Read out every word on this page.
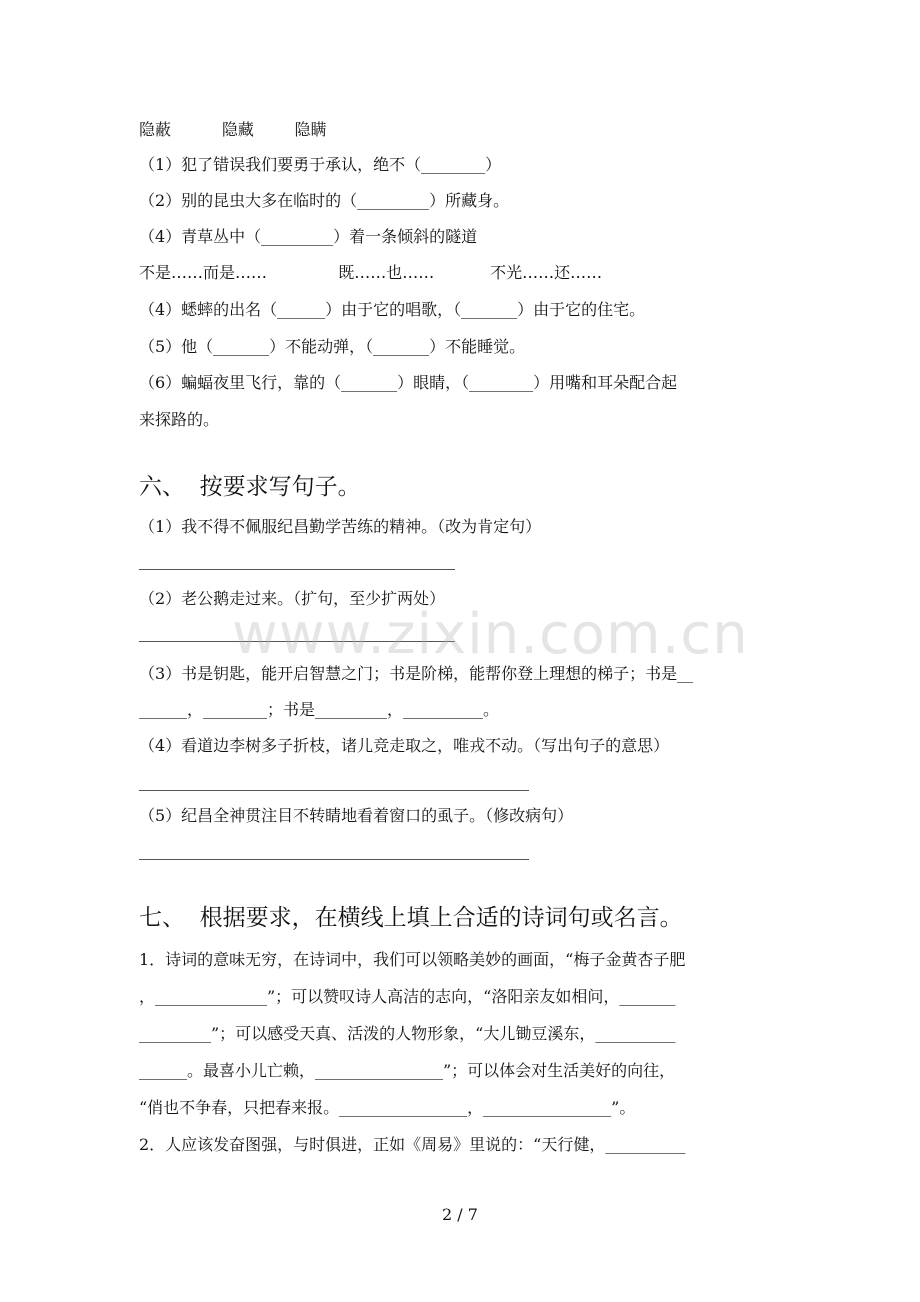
隐蔽          隐藏        隐瞒
（1）犯了错误我们要勇于承认，绝不（________）
（2）别的昆虫大多在临时的（_________）所藏身。
（4）青草丛中（_________）着一条倾斜的隧道
不是……而是……              既……也……           不光……还……
（4）蟋蟀的出名（______）由于它的唱歌，（_______）由于它的住宅。
（5）他（_______）不能动弹，（_______）不能睡觉。
（6）蝙蝠夜里飞行，靠的（_______）眼睛，（________）用嘴和耳朵配合起
来探路的。
六、  按要求写句子。
（1）我不得不佩服纪昌勤学苦练的精神。（改为肯定句）
（2）老公鹅走过来。（扩句，至少扩两处）
（3）书是钥匙，能开启智慧之门；书是阶梯，能帮你登上理想的梯子；书是__
______，________；书是_________，__________。
（4）看道边李树多子折枝，诸儿竞走取之，唯戎不动。（写出句子的意思）
（5）纪昌全神贯注目不转睛地看着窗口的虱子。（修改病句）
七、  根据要求，在横线上填上合适的诗词句或名言。
1．诗词的意味无穷，在诗词中，我们可以领略美妙的画面，“梅子金黄杏子肥
，______________”；可以赞叹诗人高洁的志向，“洛阳亲友如相问，_______
_________”；可以感受天真、活泼的人物形象，“大儿锄豆溪东，__________
______。最喜小儿亡赖，________________”；可以体会对生活美好的向往，
“俏也不争春，只把春来报。________________，________________”。
2．人应该发奋图强，与时俱进，正如《周易》里说的：“天行健，__________
www.zixin.com.cn
2 / 7
